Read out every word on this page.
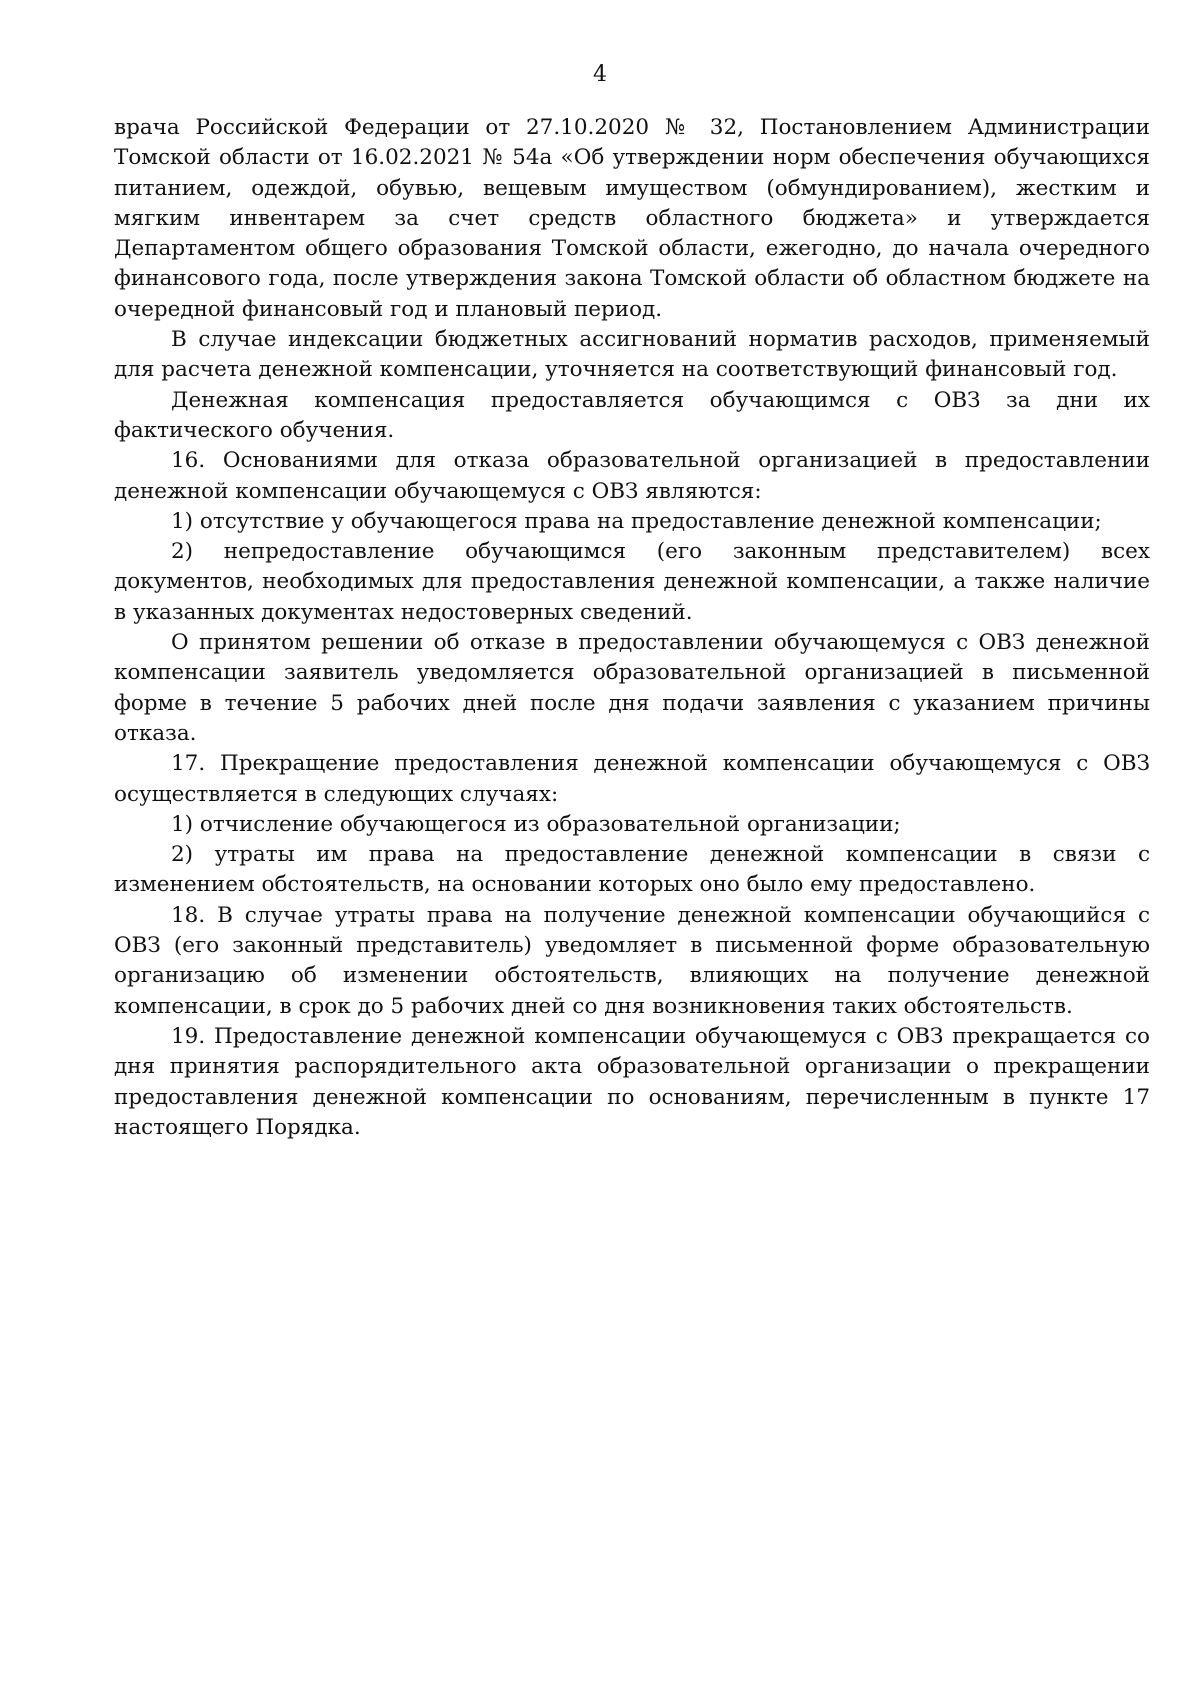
4

врача Российской Федерации от 27.10.2020 № 32, Постановлением Администрации Томской области от 16.02.2021 № 54а «Об утверждении норм обеспечения обучающихся питанием, одеждой, обувью, вещевым имуществом (обмундированием), жестким и мягким инвентарем за счет средств областного бюджета» и утверждается Департаментом общего образования Томской области, ежегодно, до начала очередного финансового года, после утверждения закона Томской области об областном бюджете на очередной финансовый год и плановый период.

В случае индексации бюджетных ассигнований норматив расходов, применяемый для расчета денежной компенсации, уточняется на соответствующий финансовый год.

Денежная компенсация предоставляется обучающимся с ОВЗ за дни их фактического обучения.

16. Основаниями для отказа образовательной организацией в предоставлении денежной компенсации обучающемуся с ОВЗ являются:

1) отсутствие у обучающегося права на предоставление денежной компенсации;

2) непредоставление обучающимся (его законным представителем) всех документов, необходимых для предоставления денежной компенсации, а также наличие в указанных документах недостоверных сведений.

О принятом решении об отказе в предоставлении обучающемуся с ОВЗ денежной компенсации заявитель уведомляется образовательной организацией в письменной форме в течение 5 рабочих дней после дня подачи заявления с указанием причины отказа.

17. Прекращение предоставления денежной компенсации обучающемуся с ОВЗ осуществляется в следующих случаях:

1) отчисление обучающегося из образовательной организации;

2) утраты им права на предоставление денежной компенсации в связи с изменением обстоятельств, на основании которых оно было ему предоставлено.

18. В случае утраты права на получение денежной компенсации обучающийся с ОВЗ (его законный представитель) уведомляет в письменной форме образовательную организацию об изменении обстоятельств, влияющих на получение денежной компенсации, в срок до 5 рабочих дней со дня возникновения таких обстоятельств.

19. Предоставление денежной компенсации обучающемуся с ОВЗ прекращается со дня принятия распорядительного акта образовательной организации о прекращении предоставления денежной компенсации по основаниям, перечисленным в пункте 17 настоящего Порядка.
